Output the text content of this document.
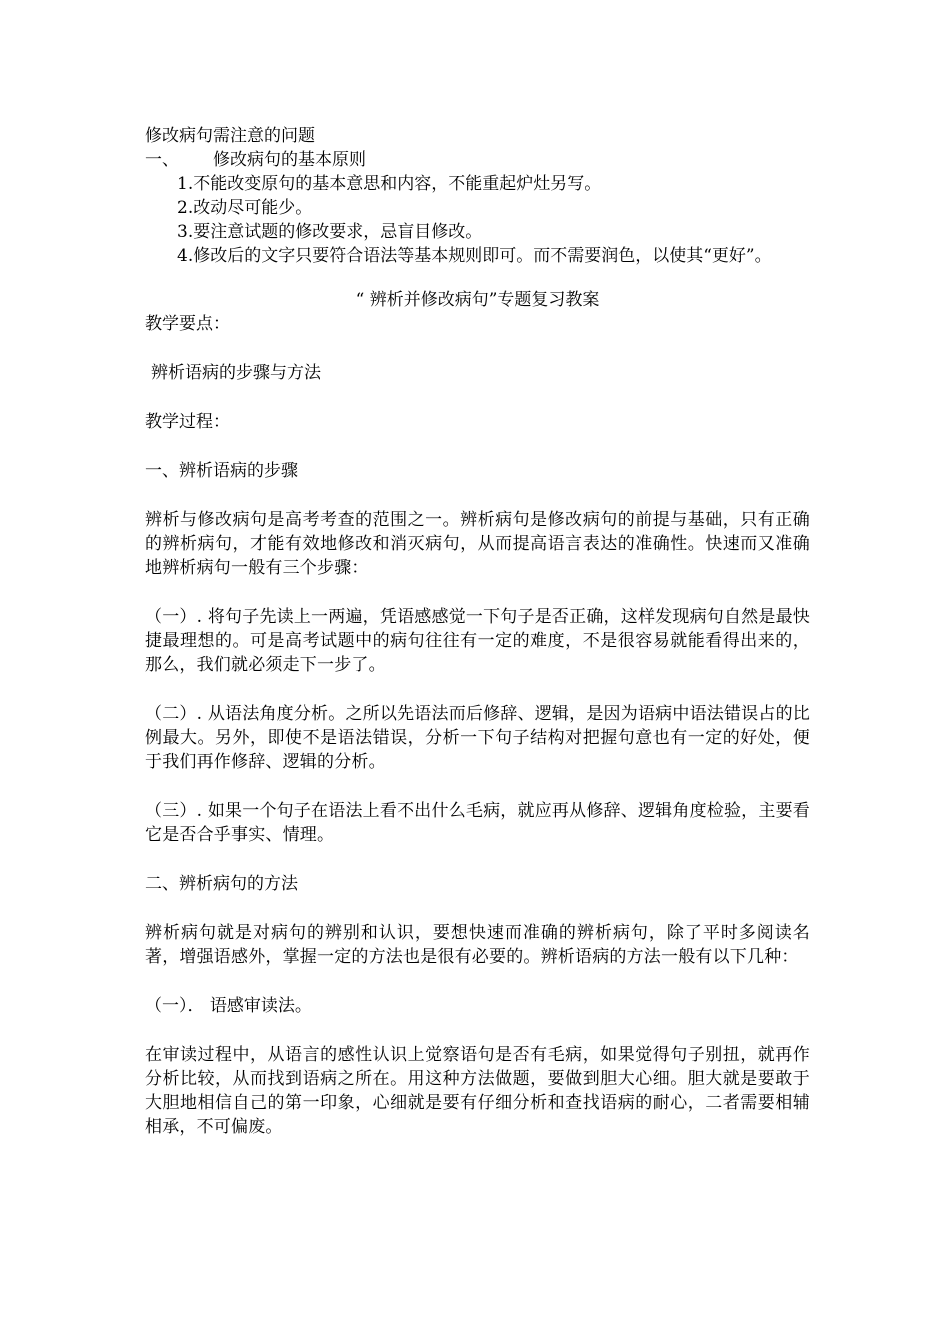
修改病句需注意的问题
一、 修改病句的基本原则
1.不能改变原句的基本意思和内容，不能重起炉灶另写。
2.改动尽可能少。
3.要注意试题的修改要求，忌盲目修改。
4.修改后的文字只要符合语法等基本规则即可。而不需要润色，以使其“更好”。
“ 辨析并修改病句”专题复习教案
教学要点：
辨析语病的步骤与方法
教学过程：
一、辨析语病的步骤
辨析与修改病句是高考考查的范围之一。辨析病句是修改病句的前提与基础，只有正确的辨析病句，才能有效地修改和消灭病句，从而提高语言表达的准确性。快速而又准确地辨析病句一般有三个步骤：
（一）. 将句子先读上一两遍，凭语感感觉一下句子是否正确，这样发现病句自然是最快捷最理想的。可是高考试题中的病句往往有一定的难度，不是很容易就能看得出来的，那么，我们就必须走下一步了。
（二）. 从语法角度分析。之所以先语法而后修辞、逻辑，是因为语病中语法错误占的比例最大。另外，即使不是语法错误，分析一下句子结构对把握句意也有一定的好处，便于我们再作修辞、逻辑的分析。
（三）. 如果一个句子在语法上看不出什么毛病，就应再从修辞、逻辑角度检验，主要看它是否合乎事实、情理。
二、辨析病句的方法
辨析病句就是对病句的辨别和认识，要想快速而准确的辨析病句，除了平时多阅读名著，增强语感外，掌握一定的方法也是很有必要的。辨析语病的方法一般有以下几种：
（一）． 语感审读法。
在审读过程中，从语言的感性认识上觉察语句是否有毛病，如果觉得句子别扭，就再作分析比较，从而找到语病之所在。用这种方法做题，要做到胆大心细。胆大就是要敢于大胆地相信自己的第一印象，心细就是要有仔细分析和查找语病的耐心，二者需要相辅相承，不可偏废。
